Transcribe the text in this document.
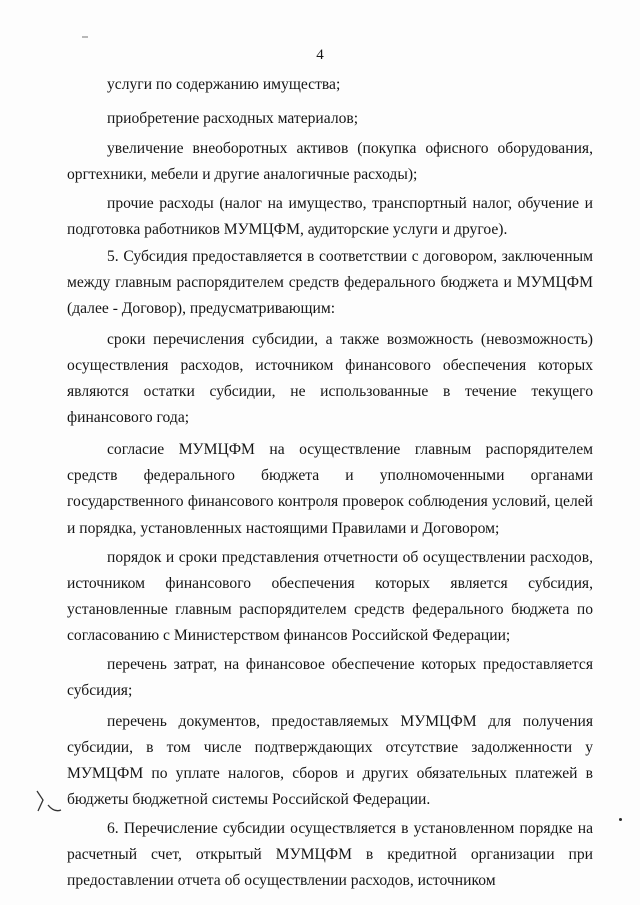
4

услуги по содержанию имущества;

приобретение расходных материалов;

увеличение внеоборотных активов (покупка офисного оборудования, оргтехники, мебели и другие аналогичные расходы);

прочие расходы (налог на имущество, транспортный налог, обучение и подготовка работников МУМЦФМ, аудиторские услуги и другое).

5. Субсидия предоставляется в соответствии с договором, заключенным между главным распорядителем средств федерального бюджета и МУМЦФМ (далее - Договор), предусматривающим:

сроки перечисления субсидии, а также возможность (невозможность) осуществления расходов, источником финансового обеспечения которых являются остатки субсидии, не использованные в течение текущего финансового года;

согласие МУМЦФМ на осуществление главным распорядителем средств федерального бюджета и уполномоченными органами государственного финансового контроля проверок соблюдения условий, целей и порядка, установленных настоящими Правилами и Договором;

порядок и сроки представления отчетности об осуществлении расходов, источником финансового обеспечения которых является субсидия, установленные главным распорядителем средств федерального бюджета по согласованию с Министерством финансов Российской Федерации;

перечень затрат, на финансовое обеспечение которых предоставляется субсидия;

перечень документов, предоставляемых МУМЦФМ для получения субсидии, в том числе подтверждающих отсутствие задолженности у МУМЦФМ по уплате налогов, сборов и других обязательных платежей в бюджеты бюджетной системы Российской Федерации.

6. Перечисление субсидии осуществляется в установленном порядке на расчетный счет, открытый МУМЦФМ в кредитной организации при предоставлении отчета об осуществлении расходов, источником
